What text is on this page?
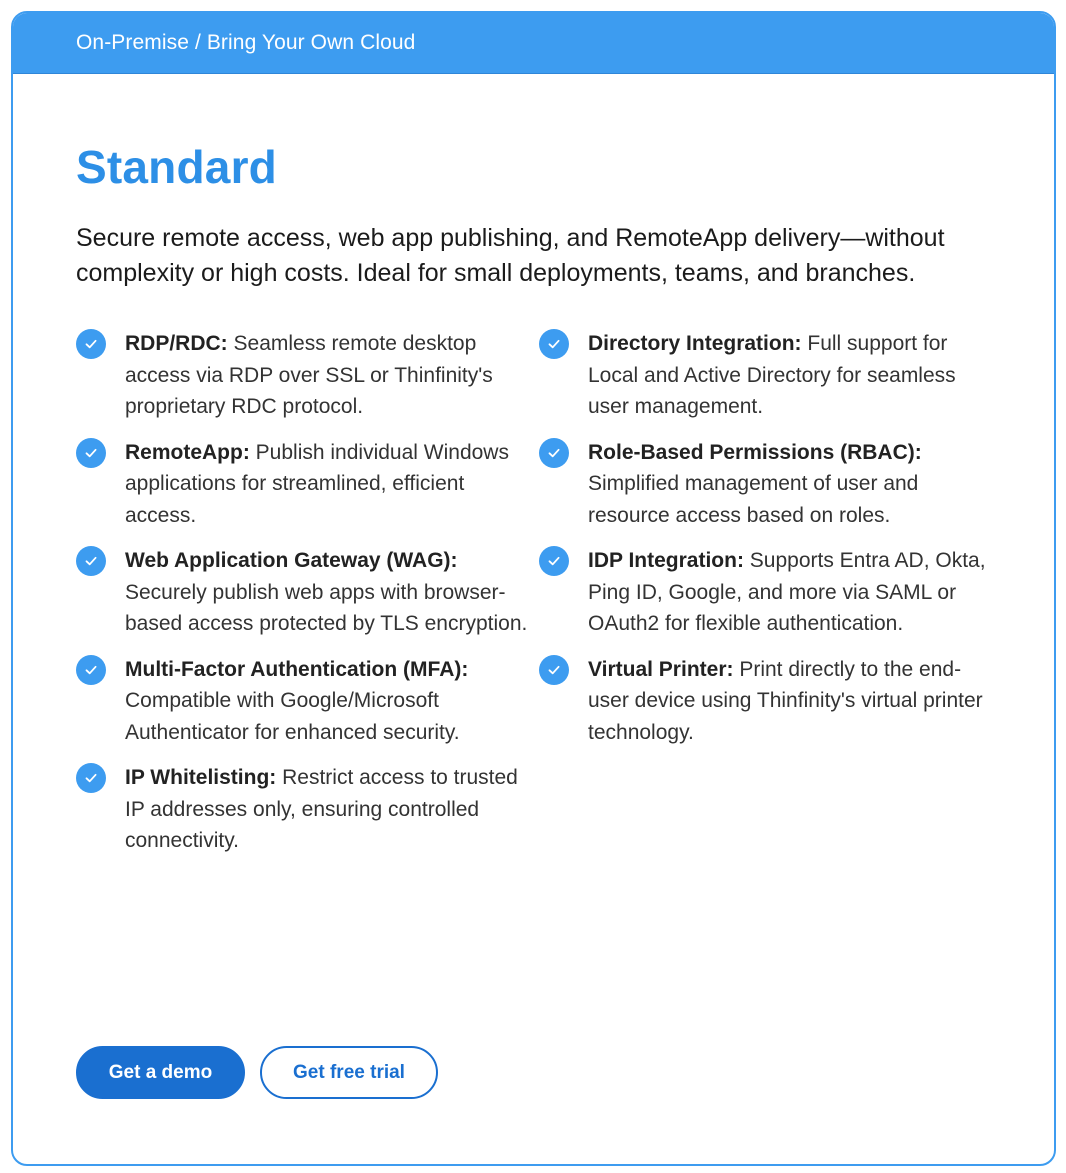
On-Premise / Bring Your Own Cloud
Standard

Secure remote access, web app publishing, and RemoteApp delivery—without complexity or high costs. Ideal for small deployments, teams, and branches.

RDP/RDC: Seamless remote desktop access via RDP over SSL or Thinfinity's proprietary RDC protocol.
RemoteApp: Publish individual Windows applications for streamlined, efficient access.
Web Application Gateway (WAG): Securely publish web apps with browser-based access protected by TLS encryption.
Multi-Factor Authentication (MFA): Compatible with Google/Microsoft Authenticator for enhanced security.
IP Whitelisting: Restrict access to trusted IP addresses only, ensuring controlled connectivity.
Directory Integration: Full support for Local and Active Directory for seamless user management.
Role-Based Permissions (RBAC): Simplified management of user and resource access based on roles.
IDP Integration: Supports Entra AD, Okta, Ping ID, Google, and more via SAML or OAuth2 for flexible authentication.
Virtual Printer: Print directly to the end-user device using Thinfinity's virtual printer technology.
Get a demo	Get free trial
